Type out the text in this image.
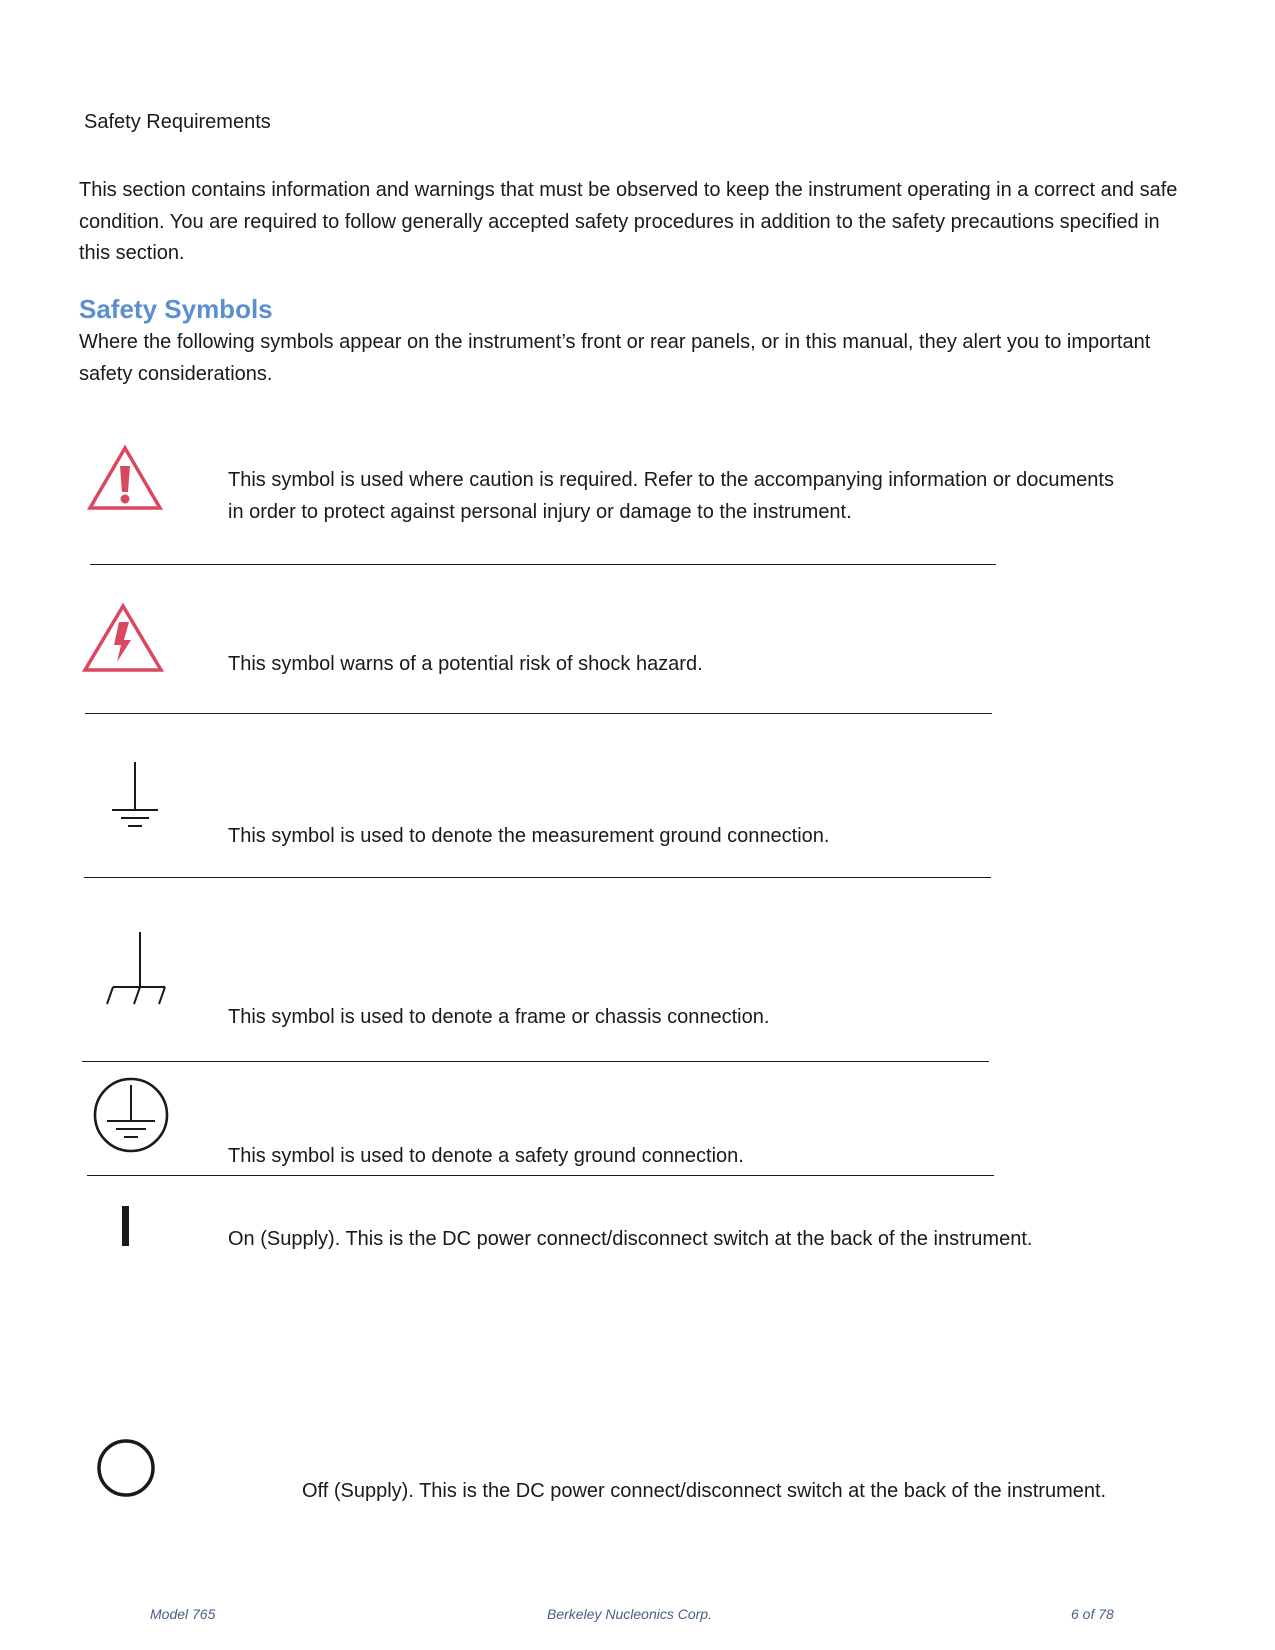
Safety Requirements
This section contains information and warnings that must be observed to keep the instrument operating in a correct and safe condition. You are required to follow generally accepted safety procedures in addition to the safety precautions specified in this section.
Safety Symbols
Where the following symbols appear on the instrument’s front or rear panels, or in this manual, they alert you to important safety considerations.
This symbol is used where caution is required. Refer to the accompanying information or documents
in order to protect against personal injury or damage to the instrument.
This symbol warns of a potential risk of shock hazard.
This symbol is used to denote the measurement ground connection.
This symbol is used to denote a frame or chassis connection.
This symbol is used to denote a safety ground connection.
On (Supply). This is the DC power connect/disconnect switch at the back of the instrument.
Off (Supply). This is the DC power connect/disconnect switch at the back of the instrument.
Model 765	Berkeley Nucleonics Corp.	6 of 78
